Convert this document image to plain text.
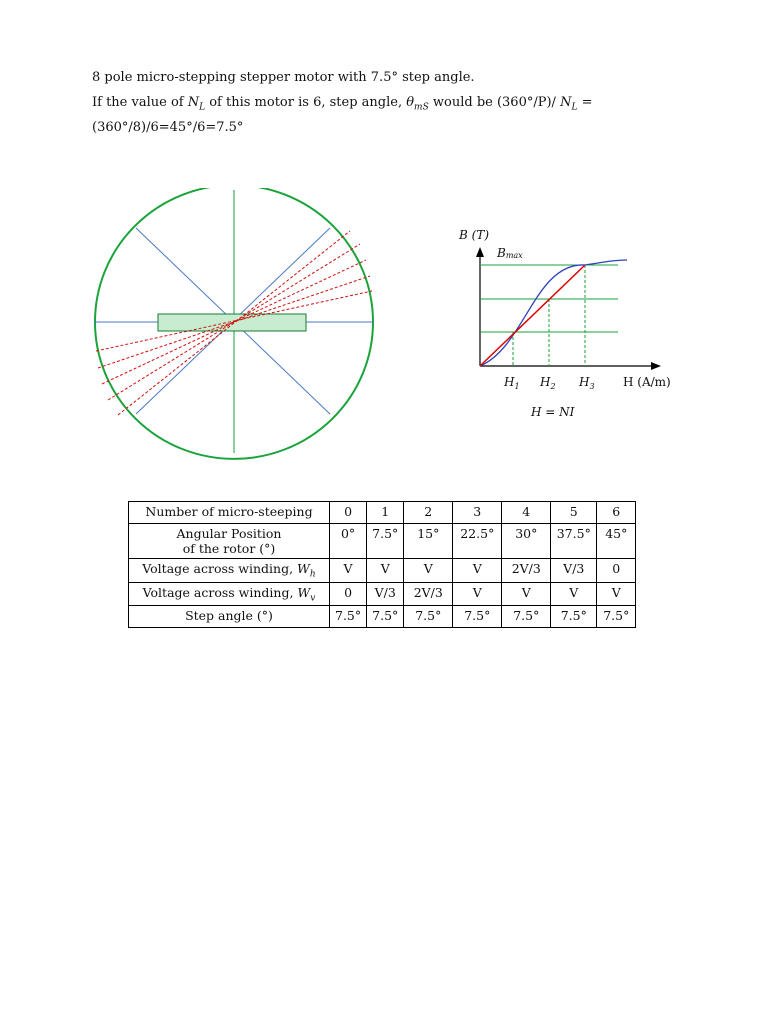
8 pole micro-stepping stepper motor with 7.5° step angle.
If the value of $N_L$ of this motor is 6, step angle, $\theta_{mS}$ would be (360°/P)/ $N_L$ =
(360°/8)/6=45°/6=7.5°
B (T)
Bmax
$H_1$ $H_2$ $H_3$ H (A/m)
H = NI
Number of micro-steeping	0	1	2	3	4	5	6
Angular Position
of the rotor (°)	0°	7.5°	15°	22.5°	30°	37.5°	45°
Voltage across winding, $W_h$	V	V	V	V	2V/3	V/3	0
Voltage across winding, $W_v$	0	V/3	2V/3	V	V	V	V
Step angle (°)	7.5°	7.5°	7.5°	7.5°	7.5°	7.5°	7.5°
